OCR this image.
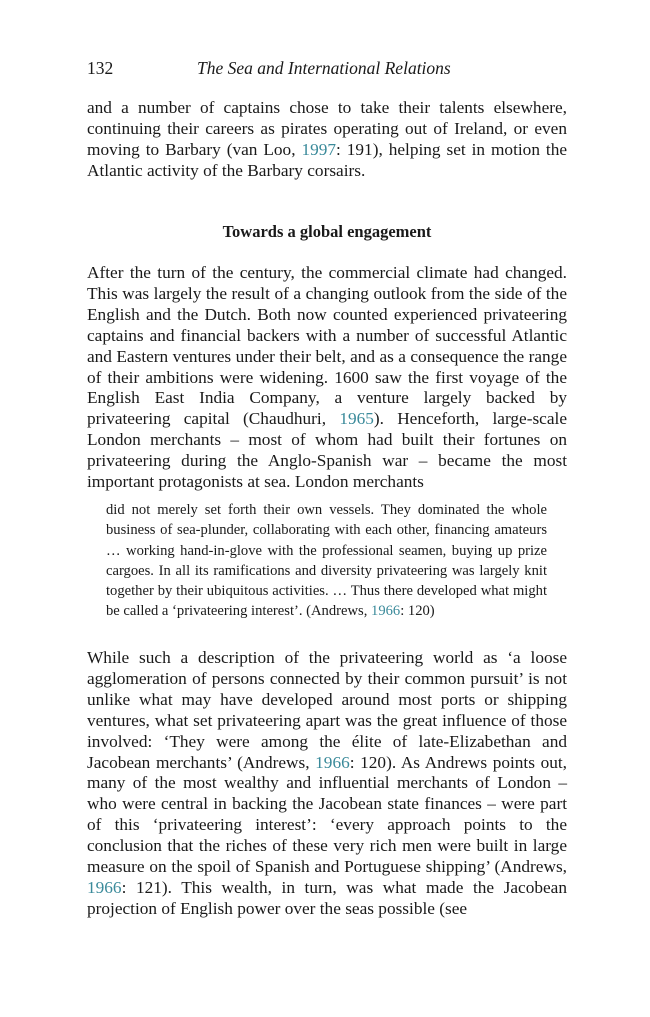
132	The Sea and International Relations

and a number of captains chose to take their talents elsewhere, continuing their careers as pirates operating out of Ireland, or even moving to Barbary (van Loo, 1997: 191), helping set in motion the Atlantic activity of the Barbary corsairs.

Towards a global engagement

After the turn of the century, the commercial climate had changed. This was largely the result of a changing outlook from the side of the English and the Dutch. Both now counted experienced privateering captains and financial backers with a number of successful Atlantic and Eastern ventures under their belt, and as a consequence the range of their ambitions were widening. 1600 saw the first voyage of the English East India Company, a venture largely backed by privateering capital (Chaudhuri, 1965). Henceforth, large-scale London merchants – most of whom had built their fortunes on privateering during the Anglo-Spanish war – became the most important protagonists at sea. London merchants

did not merely set forth their own vessels. They dominated the whole business of sea-plunder, collaborating with each other, financing amateurs … working hand-in-glove with the professional seamen, buying up prize cargoes. In all its ramifications and diversity privateering was largely knit together by their ubiquitous activities. … Thus there developed what might be called a ‘privateering interest’. (Andrews, 1966: 120)

While such a description of the privateering world as ‘a loose agglomeration of persons connected by their common pursuit’ is not unlike what may have developed around most ports or shipping ventures, what set privateering apart was the great influence of those involved: ‘They were among the élite of late-Elizabethan and Jacobean merchants’ (Andrews, 1966: 120). As Andrews points out, many of the most wealthy and influential merchants of London – who were central in backing the Jacobean state finances – were part of this ‘privateering interest’: ‘every approach points to the conclusion that the riches of these very rich men were built in large measure on the spoil of Spanish and Portuguese shipping’ (Andrews, 1966: 121). This wealth, in turn, was what made the Jacobean projection of English power over the seas possible (see
